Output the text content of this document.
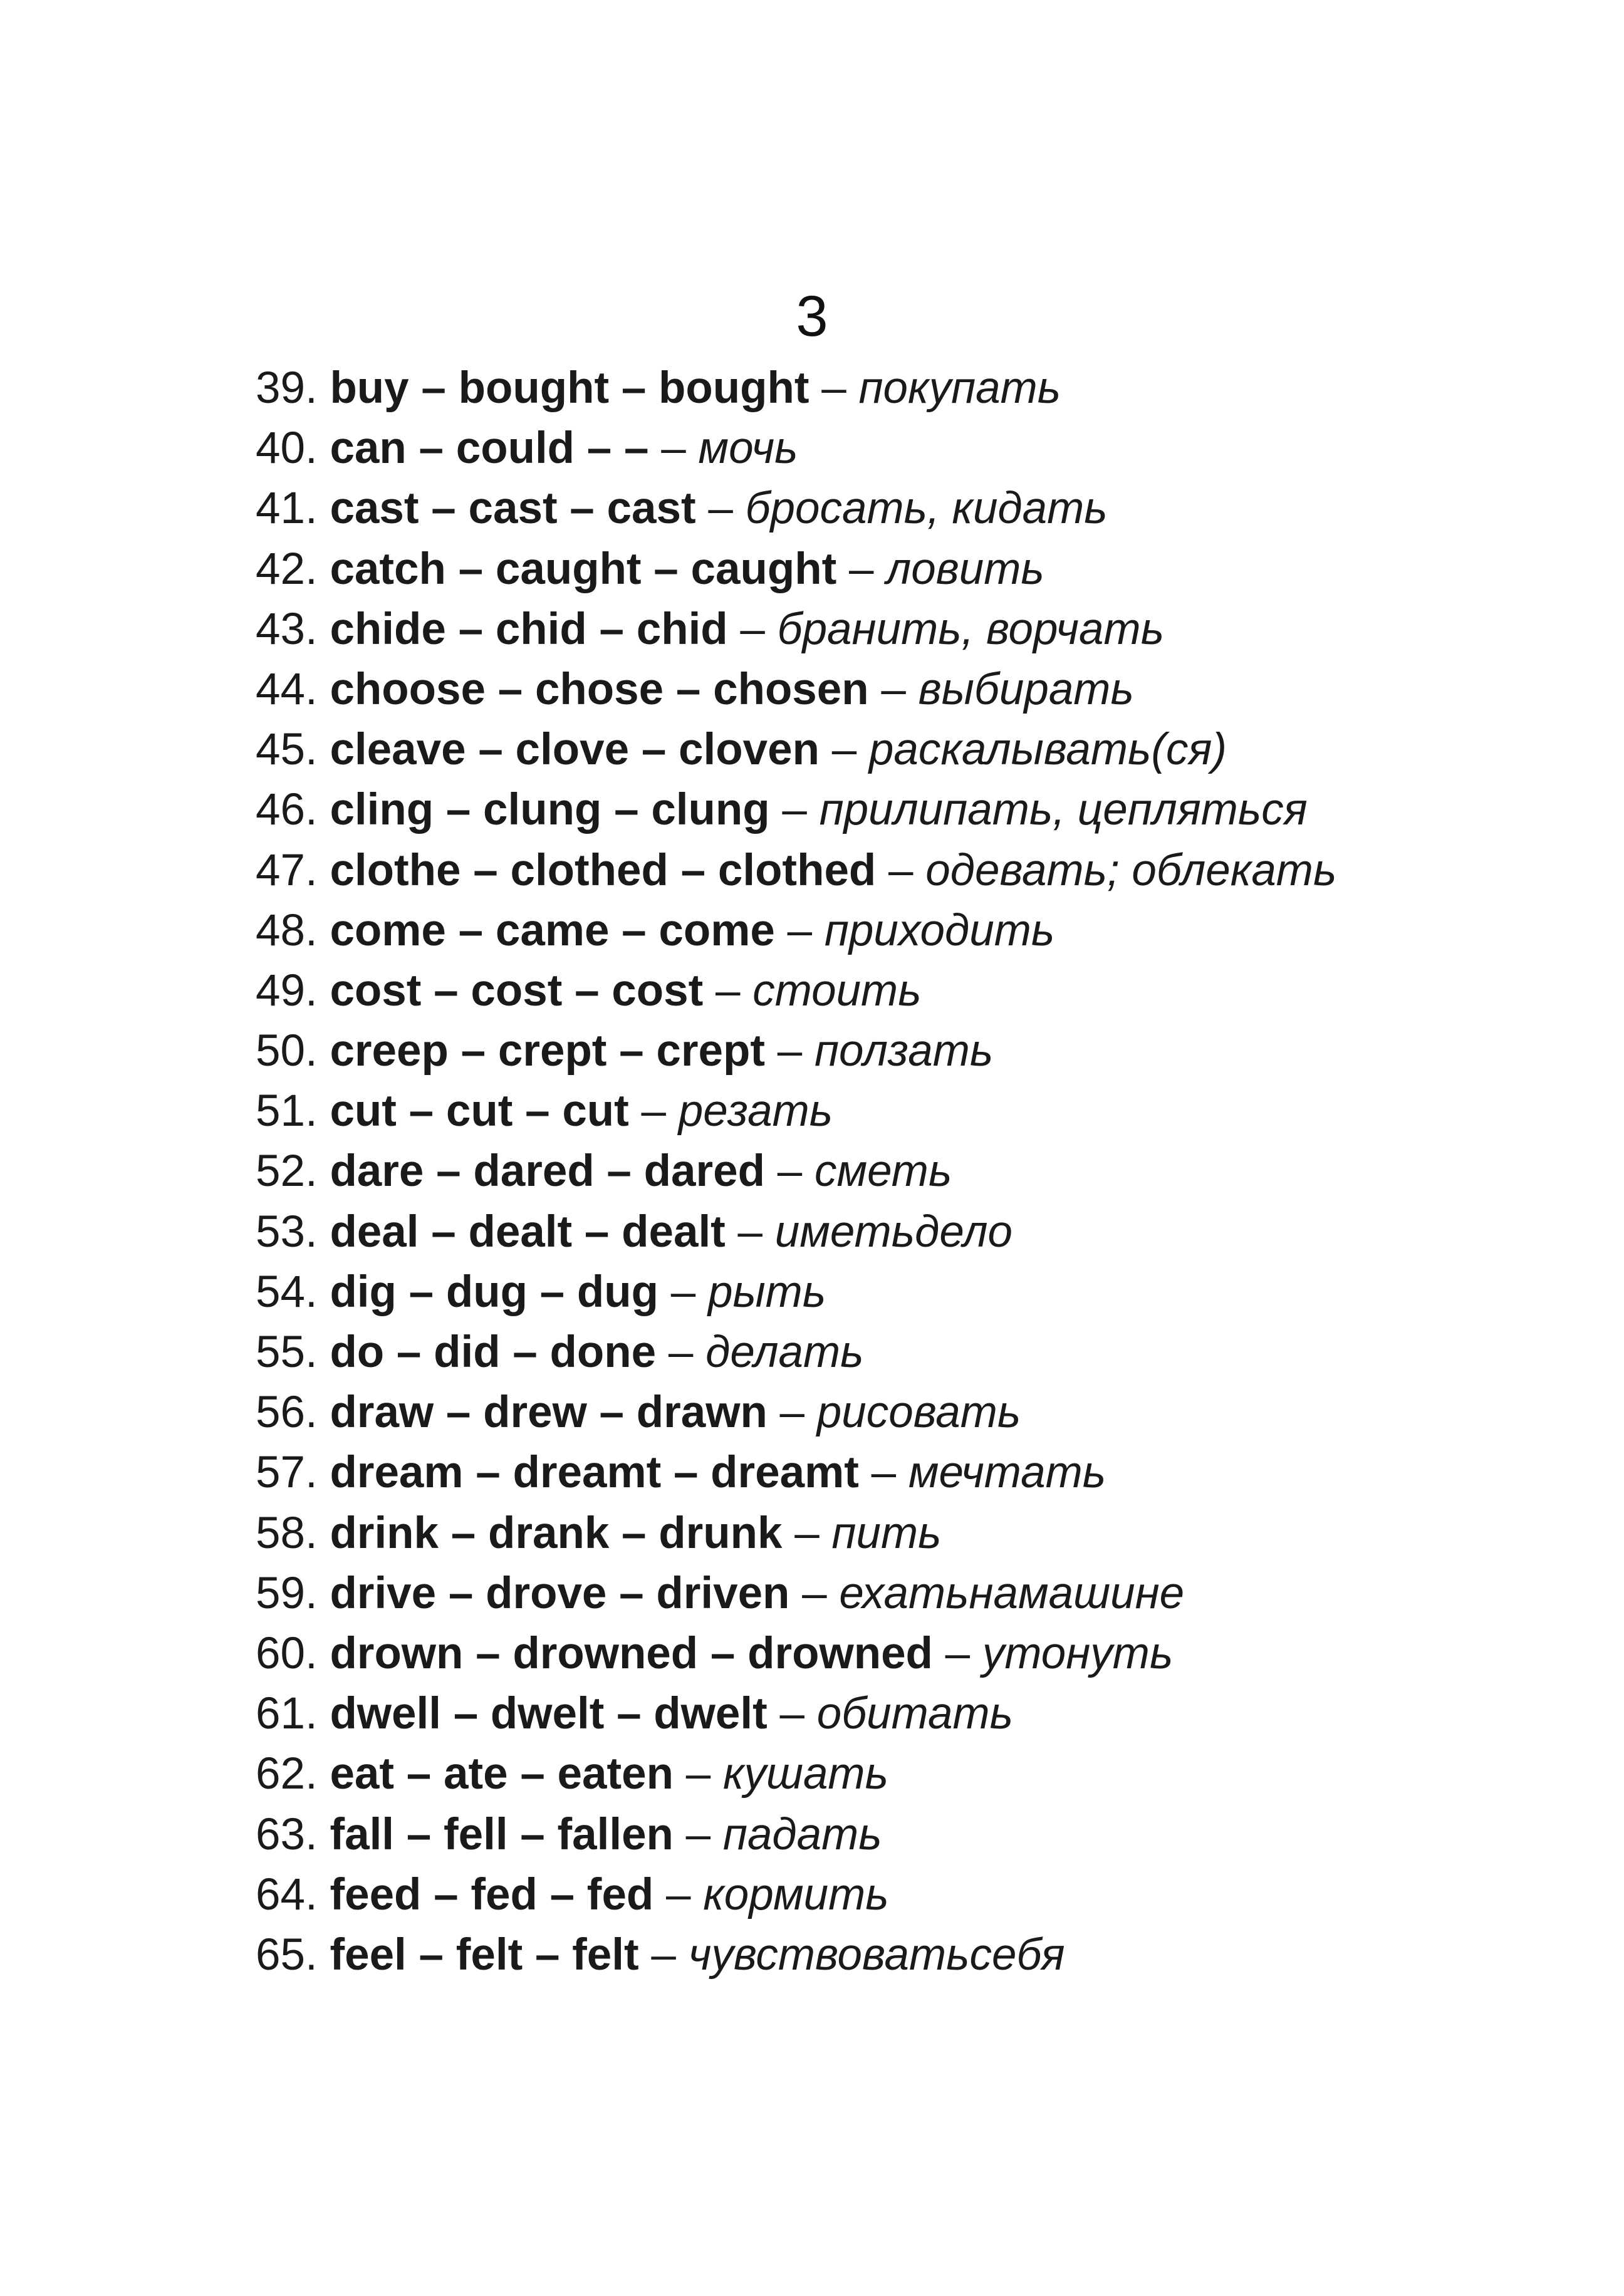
3
39. buy – bought – bought – покупать
40. can – could – – – мочь
41. cast – cast – cast – бросать, кидать
42. catch – caught – caught – ловить
43. chide – chid – chid – бранить, ворчать
44. choose – chose – chosen – выбирать
45. cleave – clove – cloven – раскалывать(ся)
46. cling – clung – clung – прилипать, цепляться
47. clothe – clothed – clothed – одевать; облекать
48. come – came – come – приходить
49. cost – cost – cost – стоить
50. creep – crept – crept – ползать
51. cut – cut – cut – резать
52. dare – dared – dared – сметь
53. deal – dealt – dealt – иметьдело
54. dig – dug – dug – рыть
55. do – did – done – делать
56. draw – drew – drawn – рисовать
57. dream – dreamt – dreamt – мечтать
58. drink – drank – drunk – пить
59. drive – drove – driven – ехатьнамашине
60. drown – drowned – drowned – утонуть
61. dwell – dwelt – dwelt – обитать
62. eat – ate – eaten – кушать
63. fall – fell – fallen – падать
64. feed – fed – fed – кормить
65. feel – felt – felt – чувствоватьсебя
